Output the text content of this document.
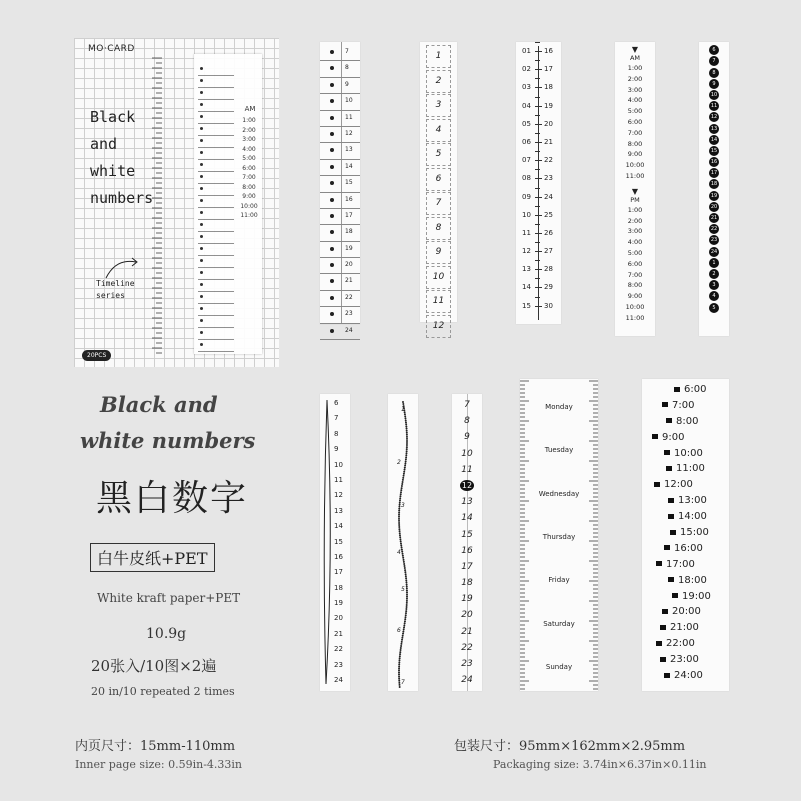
MO·CARD
Black
and
white
numbers
Timeline series
20PCS
AM
1:00
2:00
3:00
4:00
5:00
6:00
7:00
8:00
9:00
10:00
11:00
7
8
9
10
11
12
13
14
15
16
17
18
19
20
21
22
23
24
1
2
3
4
5
6
7
8
9
10
11
12
01 16
02 17
03 18
04 19
05 20
06 21
07 22
08 23
09 24
10 25
11 26
12 27
13 28
14 29
15 30
▼
AM
1:00
2:00
3:00
4:00
5:00
6:00
7:00
8:00
9:00
10:00
11:00
▼
PM
1:00
2:00
3:00
4:00
5:00
6:00
7:00
8:00
9:00
10:00
11:00
6
7
8
9
10
11
12
13
14
15
16
17
18
19
20
21
22
23
24
1
2
3
4
5
6
7
8
9
10
11
12
13
14
15
16
17
18
19
20
21
22
23
24
1
2
3
4
5
6
7
7
8
9
10
11
12
13
14
15
16
17
18
19
20
21
22
23
24
Monday
Tuesday
Wednesday
Thursday
Friday
Saturday
Sunday
6:00
7:00
8:00
9:00
10:00
11:00
12:00
13:00
14:00
15:00
16:00
17:00
18:00
19:00
20:00
21:00
22:00
23:00
24:00
Black and
white numbers
黑白数字
白牛皮纸+PET
White kraft paper+PET
10.9g
20张入/10图×2遍
20 in/10 repeated 2 times
内页尺寸：15mm-110mm
Inner page size: 0.59in-4.33in
包装尺寸：95mm×162mm×2.95mm
Packaging size: 3.74in×6.37in×0.11in
